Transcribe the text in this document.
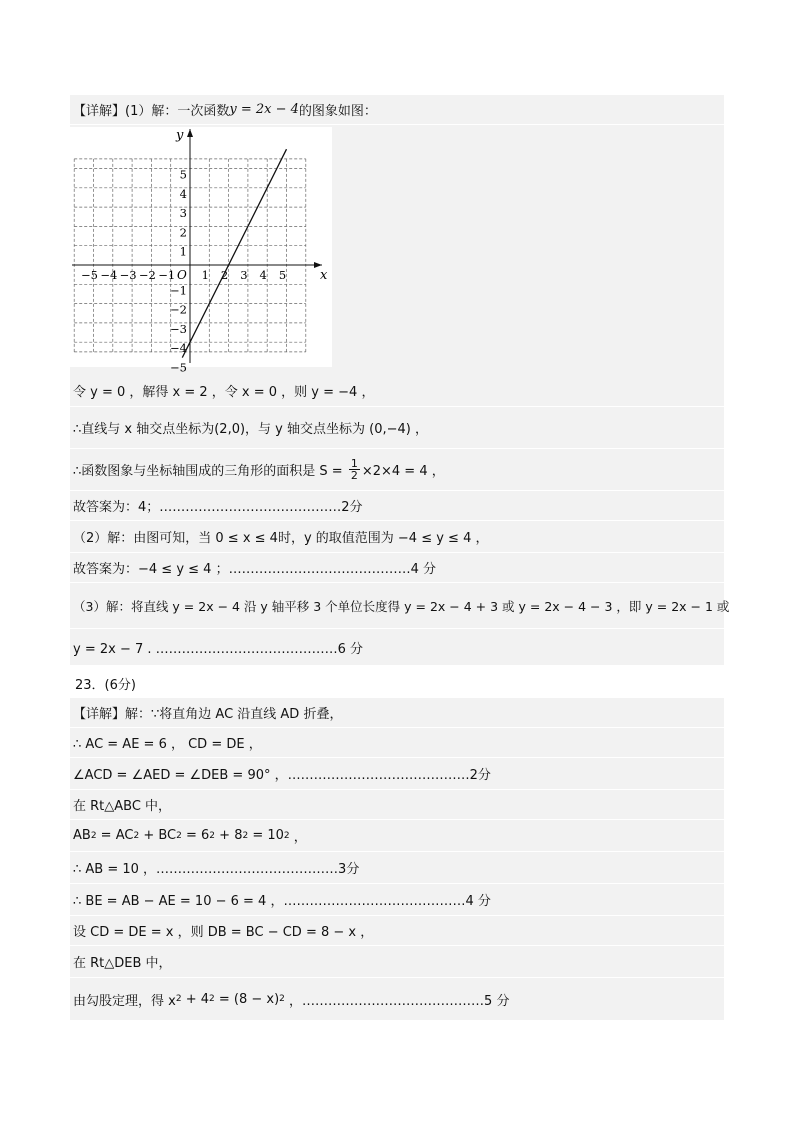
【详解】(1）解：一次函数 y = 2x − 4 的图象如图：
x
y
O
−5 −4 −3 −2 −1 1 2 3 4 5
5
4
3
2
1
−1
−2
−3
−4
−5
令 y = 0 ，解得 x = 2 ，令 x = 0 ，则 y = −4 ，
∴直线与 x 轴交点坐标为(2,0)，与 y 轴交点坐标为 (0,−4) ，
∴函数图象与坐标轴围成的三角形的面积是 $S = \frac{1}{2} \times 2\times 4 = 4$ ，
故答案为：4；……………………………………2分
（2）解：由图可知，当 0 ≤ x ≤ 4时，y 的取值范围为 −4 ≤ y ≤ 4 ，
故答案为：−4 ≤ y ≤ 4 ；……………………………………4 分
（3）解：将直线 y = 2x − 4 沿 y 轴平移 3 个单位长度得 y = 2x − 4 + 3 或 y = 2x − 4 − 3 ，即 y = 2x − 1 或
y = 2x − 7 . ……………………………………6 分
23．(6分)
【详解】解：∵将直角边 AC 沿直线 AD 折叠，
∴ AC = AE = 6 ， CD = DE ，
∠ACD = ∠AED = ∠DEB = 90° ，……………………………………2分
在 Rt△ABC 中，
AB 2 = AC 2 + BC 2 = 6 2 + 8 2 = 10 2 ，
∴ AB = 10 ，……………………………………3分
∴ BE = AB − AE = 10 − 6 = 4 ，……………………………………4 分
设 CD = DE = x ，则 DB = BC − CD = 8 − x ，
在 Rt△DEB 中，
由勾股定理，得 x 2 + 4 2 = (8 − x) 2 ，……………………………………5 分
